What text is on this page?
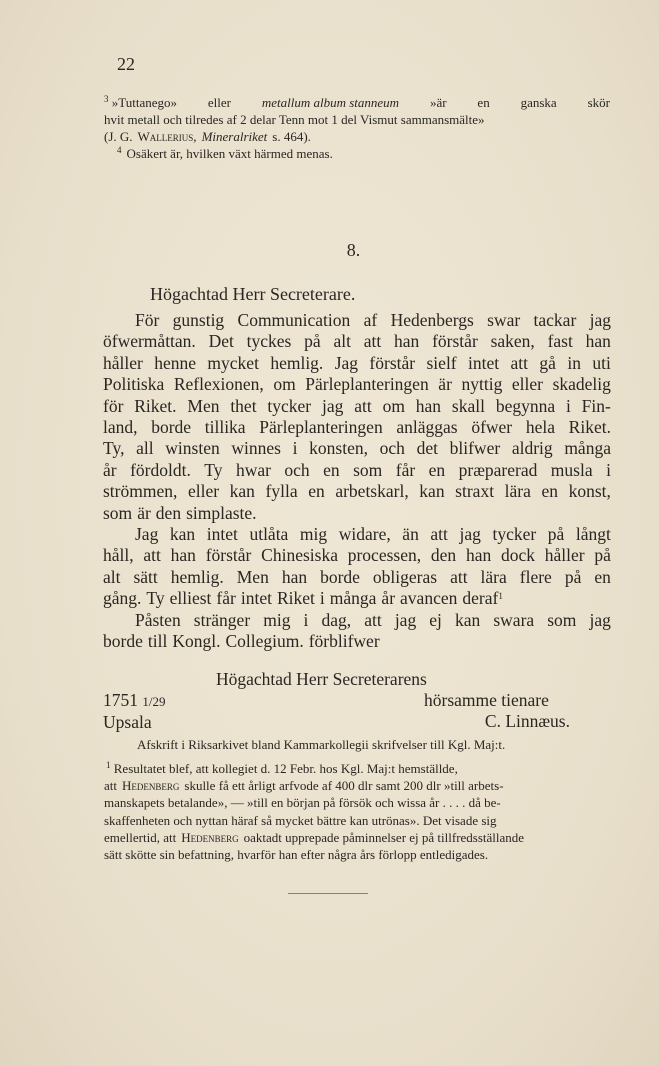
22
$^3$ »Tuttanego» eller metallum album stanneum »är en ganska skör
hvit metall och tilredes af 2 delar Tenn mot 1 del Vismut sammansmälte»
(J. G. Wallerius, Mineralriket s. 464).
$^4$ Osäkert är, hvilken växt härmed menas.
8.
Högachtad Herr Secreterare.
För gunstig Communication af Hedenbergs swar tackar jag
öfwermåttan. Det tyckes på alt att han förstår saken, fast han
håller henne mycket hemlig. Jag förstår sielf intet att gå in uti
Politiska Reflexionen, om Pärleplanteringen är nyttig eller skadelig
för Riket. Men thet tycker jag att om han skall begynna i Fin-
land, borde tillika Pärleplanteringen anläggas öfwer hela Riket.
Ty, all winsten winnes i konsten, och det blifwer aldrig många
år fördoldt. Ty hwar och en som får en præparerad musla i
strömmen, eller kan fylla en arbetskarl, kan straxt lära en konst,
som är den simplaste.
Jag kan intet utlåta mig widare, än att jag tycker på långt
håll, att han förstår Chinesiska processen, den han dock håller på
alt sätt hemlig. Men han borde obligeras att lära flere på en
gång. Ty elliest får intet Riket i många år avancen deraf$^1$
Påsten stränger mig i dag, att jag ej kan swara som jag
borde till Kongl. Collegium. förblifwer
Högachtad Herr Secreterarens
1751 1/29
Upsala
hörsamme tienare
C. Linnæus.
Afskrift i Riksarkivet bland Kammarkollegii skrifvelser till Kgl. Maj:t.
$^1$ Resultatet blef, att kollegiet d. 12 Febr. hos Kgl. Maj:t hemställde,
att Hedenberg skulle få ett årligt arfvode af 400 dlr samt 200 dlr »till arbets-
manskapets betalande», — »till en början på försök och wissa år . . . . då be-
skaffenheten och nyttan häraf så mycket bättre kan utrönas». Det visade sig
emellertid, att Hedenberg oaktadt upprepade påminnelser ej på tillfredsställande
sätt skötte sin befattning, hvarför han efter några års förlopp entledigades.
